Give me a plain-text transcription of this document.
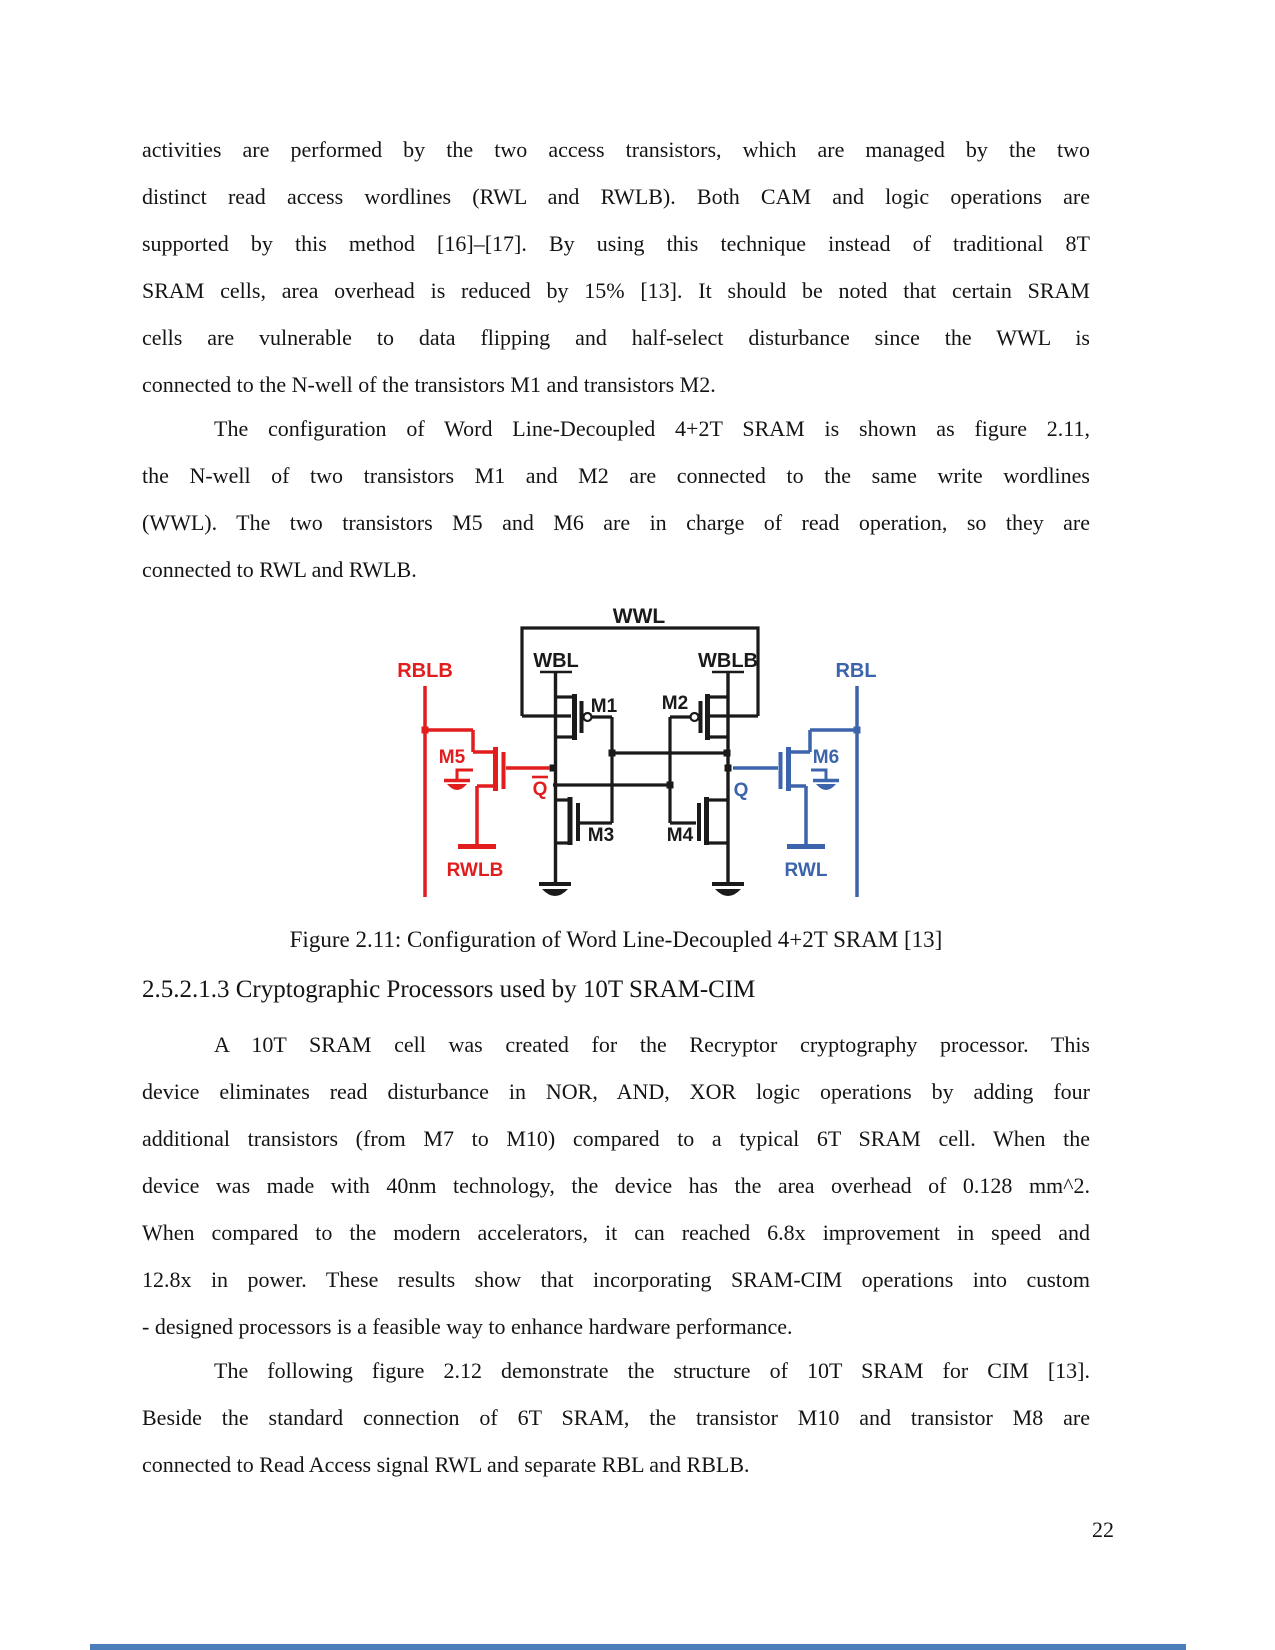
activities are performed by the two access transistors, which are managed by the two
distinct read access wordlines (RWL and RWLB). Both CAM and logic operations are
supported by this method [16]–[17]. By using this technique instead of traditional 8T
SRAM cells, area overhead is reduced by 15% [13]. It should be noted that certain SRAM
cells are vulnerable to data flipping and half-select disturbance since the WWL is
connected to the N-well of the transistors M1 and transistors M2.
The configuration of Word Line-Decoupled 4+2T SRAM is shown as figure 2.11,
the N-well of two transistors M1 and M2 are connected to the same write wordlines
(WWL). The two transistors M5 and M6 are in charge of read operation, so they are
connected to RWL and RWLB.
WWL
WBL	WBLB
RBLB	RBL
M1 M2
M3	M4
M5	M6
Q	Q
RWLB	RWL
Figure 2.11: Configuration of Word Line-Decoupled 4+2T SRAM [13]
2.5.2.1.3 Cryptographic Processors used by 10T SRAM-CIM
A 10T SRAM cell was created for the Recryptor cryptography processor. This
device eliminates read disturbance in NOR, AND, XOR logic operations by adding four
additional transistors (from M7 to M10) compared to a typical 6T SRAM cell. When the
device was made with 40nm technology, the device has the area overhead of 0.128 mm^2.
When compared to the modern accelerators, it can reached 6.8x improvement in speed and
12.8x in power. These results show that incorporating SRAM-CIM operations into custom
- designed processors is a feasible way to enhance hardware performance.
The following figure 2.12 demonstrate the structure of 10T SRAM for CIM [13].
Beside the standard connection of 6T SRAM, the transistor M10 and transistor M8 are
connected to Read Access signal RWL and separate RBL and RBLB.
22
